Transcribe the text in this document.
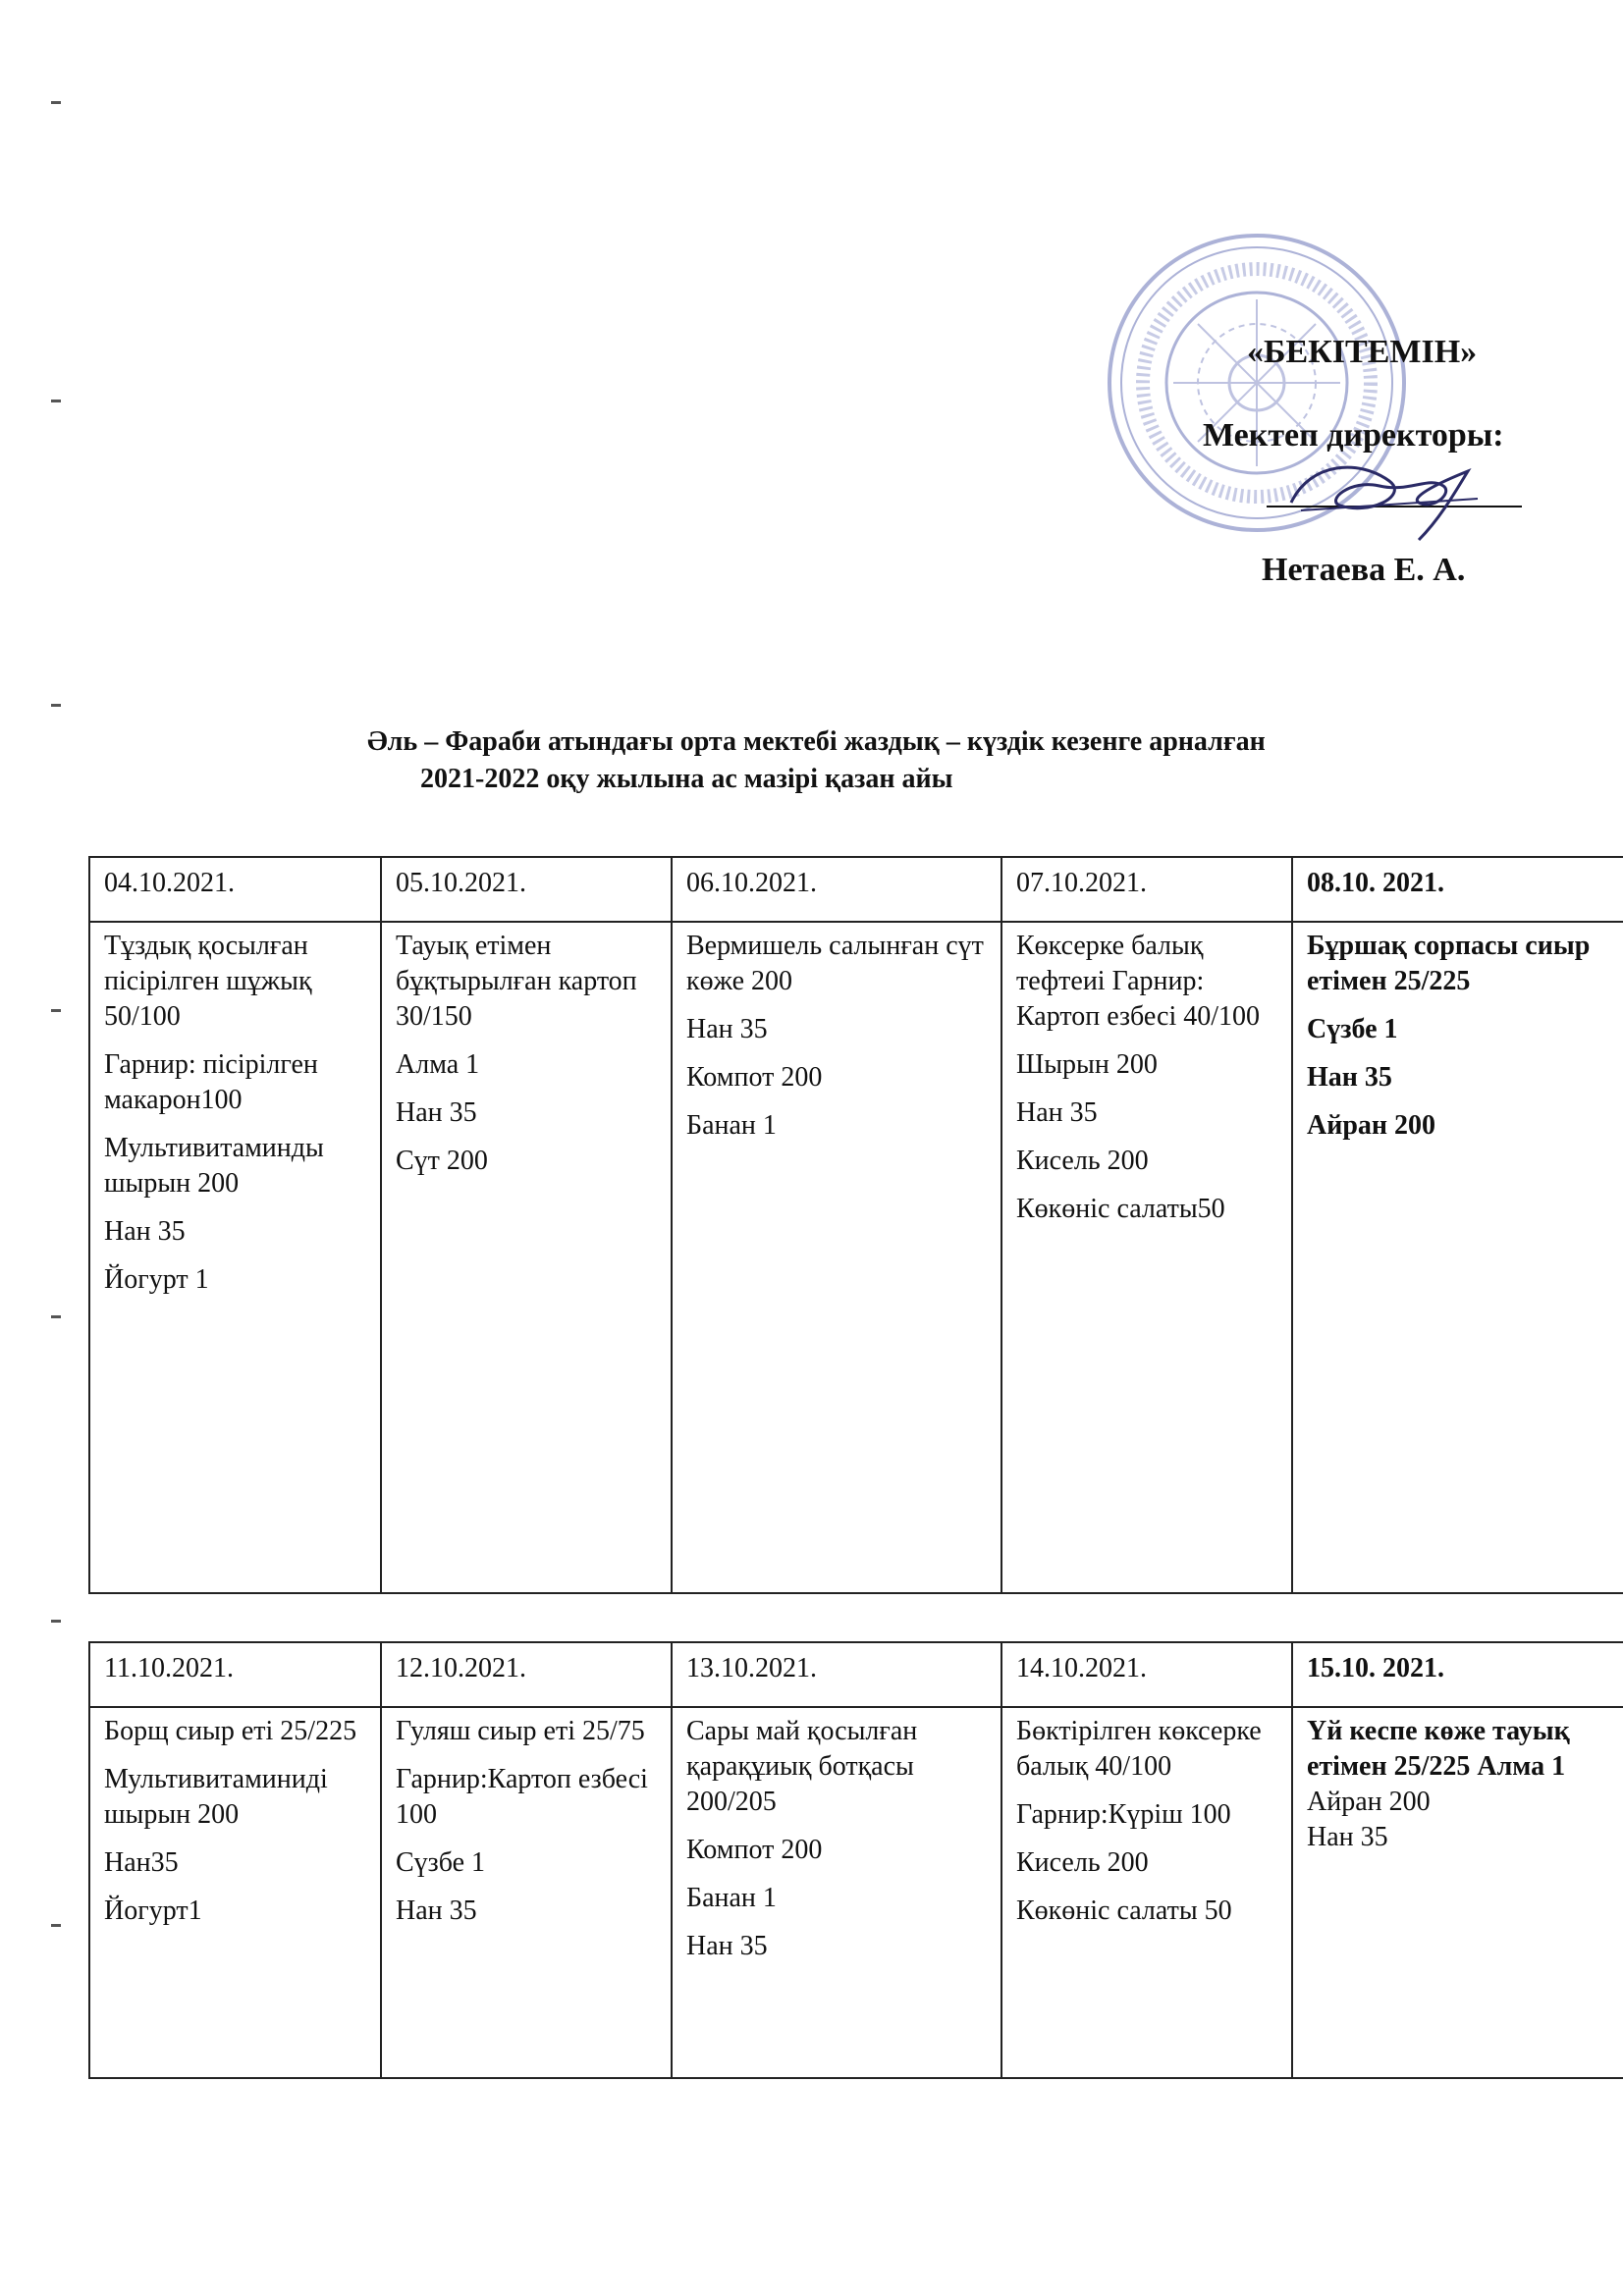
«БЕКІТЕМІН»
Мектеп директоры:
Нетаева Е. А.
Әль – Фараби атындағы орта мектебі жаздық – күздік кезенге арналған
2021-2022 оқу жылына ас мазірі қазан айы
04.10.2021.	05.10.2021.	06.10.2021.	07.10.2021.	08.10. 2021.

Тұздық қосылған пісірілген шұжық 50/100
Гарнир: пісірілген макарон100
Мультивитаминды шырын 200
Нан 35
Йогурт 1	Тауық етімен бұқтырылған картоп 30/150
Алма 1
Нан 35
Сүт 200	Вермишель салынған сүт көже 200
Нан 35
Компот 200
Банан 1	Көксерке балық тефтеиі Гарнир: Картоп езбесі 40/100
Шырын 200
Нан 35
Кисель 200
Көкөніс салаты50	Бұршақ сорпасы сиыр етімен 25/225
Сүзбе 1
Нан 35
Айран 200
11.10.2021.	12.10.2021.	13.10.2021.	14.10.2021.	15.10. 2021.

Борщ сиыр еті 25/225
Мультивитаминиді шырын 200
Нан35
Йогурт1	Гуляш сиыр еті 25/75
Гарнир:Картоп езбесі 100
Сүзбе 1
Нан 35	Сары май қосылған қарақұиық ботқасы 200/205
Компот 200
Банан 1
Нан 35	Бөктірілген көксерке балық 40/100
Гарнир:Күріш 100
Кисель 200
Көкөніс салаты 50	Үй кеспе көже тауық етімен 25/225 Алма 1
Айран 200
Нан 35
